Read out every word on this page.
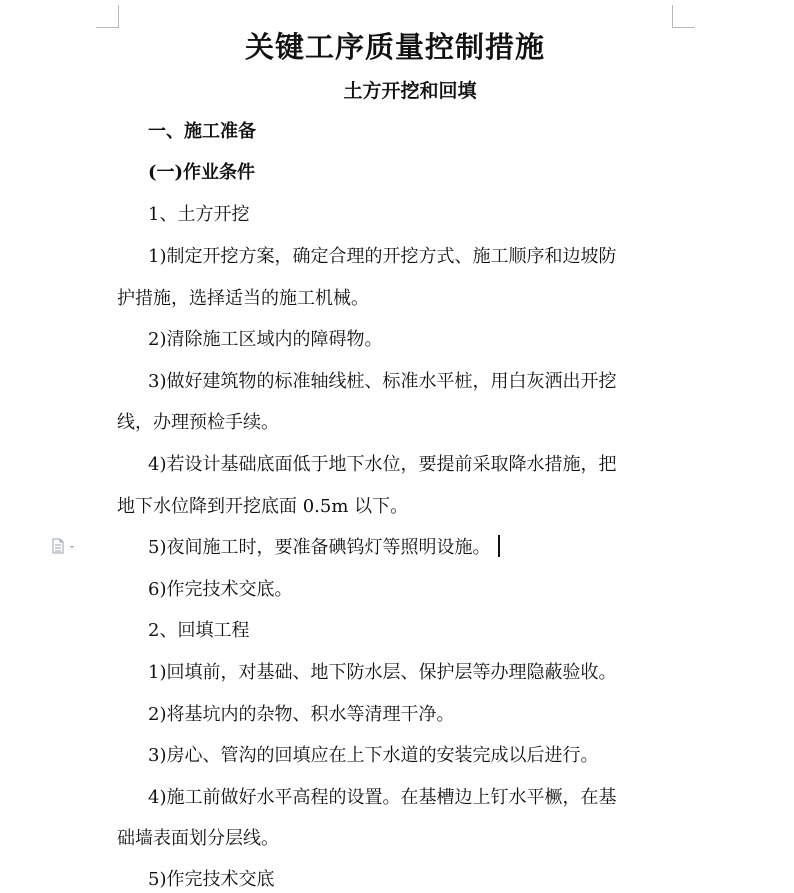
关键工序质量控制措施
土方开挖和回填
一、施工准备
(一)作业条件
1、土方开挖
1)制定开挖方案，确定合理的开挖方式、施工顺序和边坡防
护措施，选择适当的施工机械。
2)清除施工区域内的障碍物。
3)做好建筑物的标准轴线桩、标准水平桩，用白灰洒出开挖
线，办理预检手续。
4)若设计基础底面低于地下水位，要提前采取降水措施，把
地下水位降到开挖底面 0.5m 以下。
5)夜间施工时，要准备碘钨灯等照明设施。
6)作完技术交底。
2、回填工程
1)回填前，对基础、地下防水层、保护层等办理隐蔽验收。
2)将基坑内的杂物、积水等清理干净。
3)房心、管沟的回填应在上下水道的安装完成以后进行。
4)施工前做好水平高程的设置。在基槽边上钉水平橛，在基
础墙表面划分层线。
5)作完技术交底
